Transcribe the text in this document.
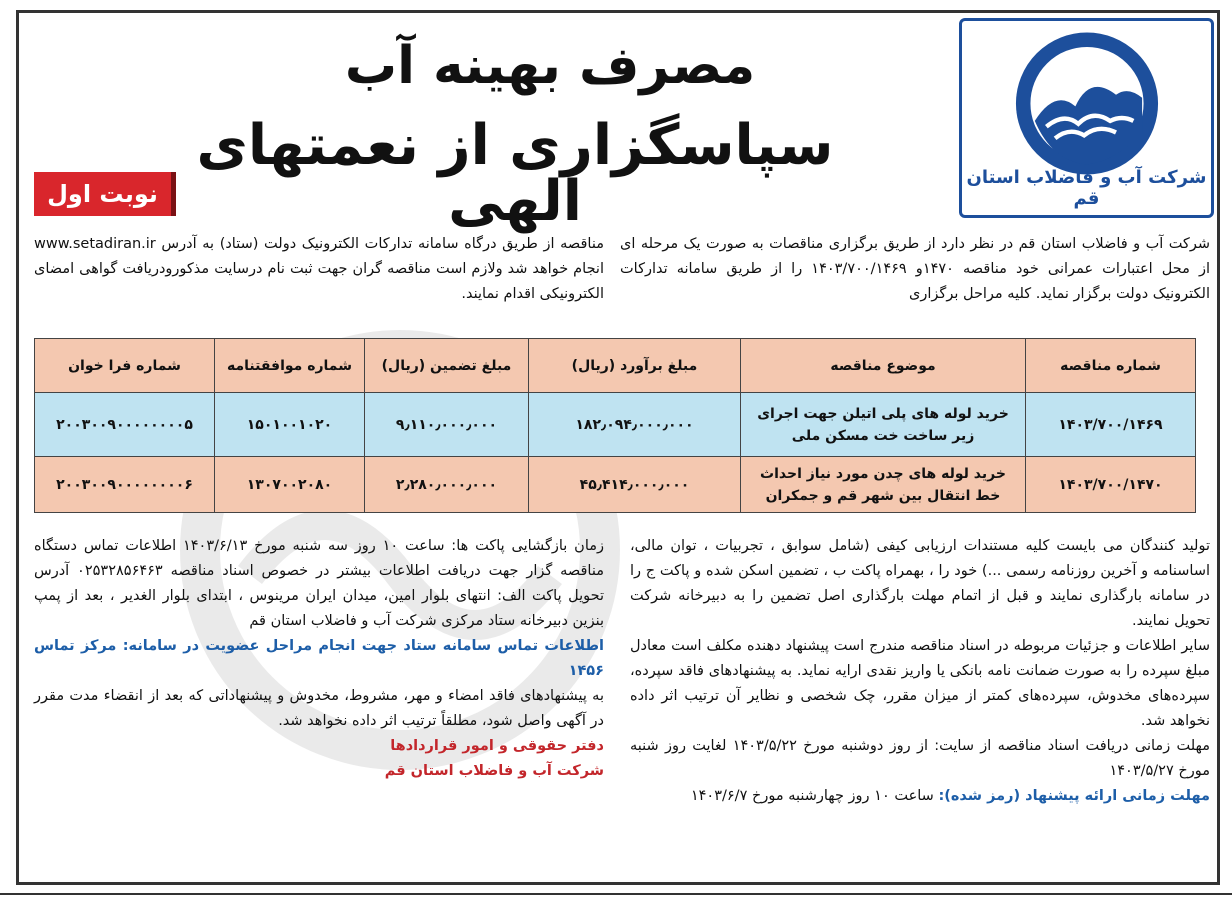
شرکت آب و فاضلاب استان قم
مصرف بهینه آب
سپاسگزاری از نعمتهای الهی
نوبت اول
شرکت آب و فاضلاب استان قم در نظر دارد از طریق برگزاری مناقصات به صورت یک مرحله ای از محل اعتبارات عمرانی خود مناقصه ۱۴۷۰و ۱۴۰۳/۷۰۰/۱۴۶۹ را از طریق سامانه تدارکات الکترونیک دولت برگزار نماید. کلیه مراحل برگزاری
مناقصه از طریق درگاه سامانه تدارکات الکترونیک دولت (ستاد) به آدرس www.setadiran.ir انجام خواهد شد ولازم است مناقصه گران جهت ثبت نام درسایت مذکورودریافت گواهی امضای الکترونیکی اقدام نمایند.
شماره مناقصه	موضوع مناقصه	مبلغ برآورد (ریال)	مبلغ تضمین (ریال)	شماره موافقتنامه	شماره فرا خوان
۱۴۰۳/۷۰۰/۱۴۶۹	خرید لوله های پلی اتیلن جهت اجرای زیر ساخت خت مسکن ملی	۱۸۲٫۰۹۴٫۰۰۰٫۰۰۰	۹٫۱۱۰٫۰۰۰٫۰۰۰	۱۵۰۱۰۰۱۰۲۰	۲۰۰۳۰۰۹۰۰۰۰۰۰۰۰۵
۱۴۰۳/۷۰۰/۱۴۷۰	خرید لوله های چدن مورد نیاز احداث خط انتقال بین شهر قم و جمکران	۴۵٫۴۱۴٫۰۰۰٫۰۰۰	۲٫۲۸۰٫۰۰۰٫۰۰۰	۱۳۰۷۰۰۲۰۸۰	۲۰۰۳۰۰۹۰۰۰۰۰۰۰۰۶

تولید کنندگان می بایست کلیه مستندات ارزیابی کیفی (شامل سوابق ، تجربیات ، توان مالی، اساسنامه و آخرین روزنامه رسمی ...) خود را ، بهمراه پاکت ب ، تضمین اسکن شده و پاکت ج را در سامانه بارگذاری نمایند و قبل از اتمام مهلت بارگذاری اصل تضمین را به دبیرخانه شرکت تحویل نمایند.

سایر اطلاعات و جزئیات مربوطه در اسناد مناقصه مندرج است پیشنهاد دهنده مکلف است معادل مبلغ سپرده را به صورت ضمانت نامه بانکی یا واریز نقدی ارایه نماید. به پیشنهادهای فاقد سپرده، سپرده‌های مخدوش، سپرده‌های کمتر از میزان مقرر، چک شخصی و نظایر آن ترتیب اثر داده نخواهد شد.

مهلت زمانی دریافت اسناد مناقصه از سایت: از روز دوشنبه مورخ ۱۴۰۳/۵/۲۲ لغایت روز شنبه مورخ ۱۴۰۳/۵/۲۷

مهلت زمانی ارائه پیشنهاد (رمز شده): ساعت ۱۰ روز چهارشنبه مورخ ۱۴۰۳/۶/۷

زمان بازگشایی پاکت ها: ساعت ۱۰ روز سه شنبه مورخ ۱۴۰۳/۶/۱۳ اطلاعات تماس دستگاه مناقصه گزار جهت دریافت اطلاعات بیشتر در خصوص اسناد مناقصه ۰۲۵۳۲۸۵۶۴۶۳ آدرس تحویل پاکت الف: انتهای بلوار امین، میدان ایران مرینوس ، ابتدای بلوار الغدیر ، بعد از پمپ بنزین دبیرخانه ستاد مرکزی شرکت آب و فاضلاب استان قم

اطلاعات تماس سامانه ستاد جهت انجام مراحل عضویت در سامانه: مرکز تماس ۱۴۵۶

به پیشنهادهای فاقد امضاء و مهر، مشروط، مخدوش و پیشنهاداتی که بعد از انقضاء مدت مقرر در آگهی واصل شود، مطلقاً ترتیب اثر داده نخواهد شد.

دفتر حقوقی و امور قراردادها

شرکت آب و فاضلاب استان قم
